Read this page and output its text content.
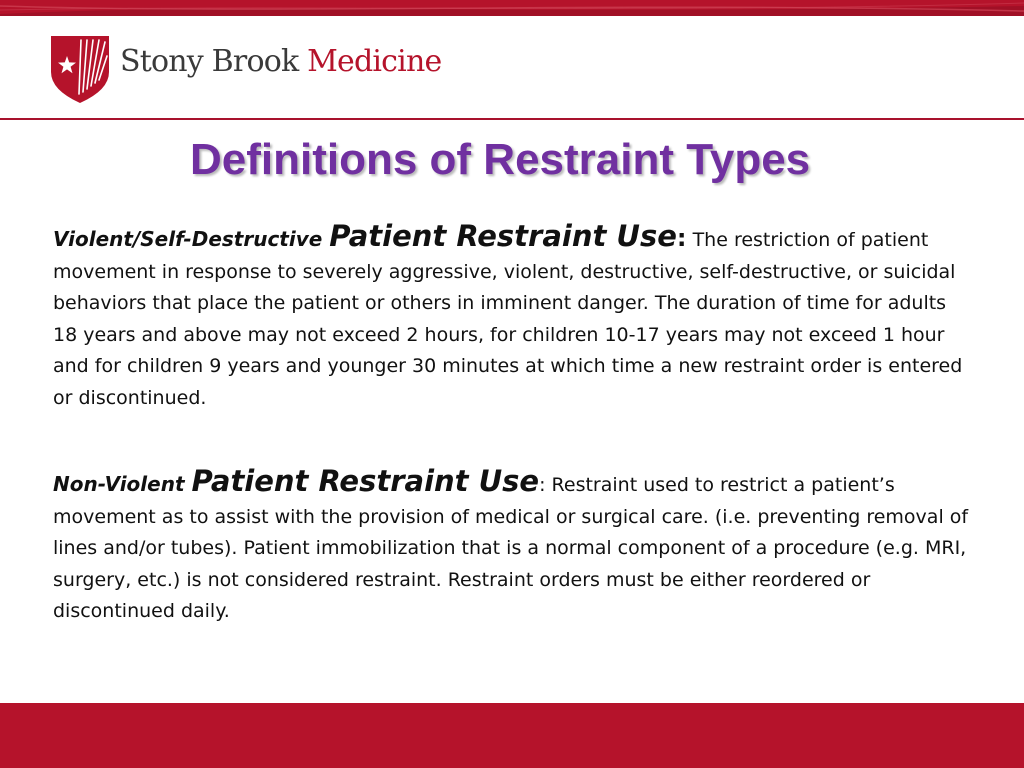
Stony Brook Medicine
Definitions of Restraint Types

Violent/Self-Destructive Patient Restraint Use: The restriction of patient movement in response to severely aggressive, violent, destructive, self-destructive, or suicidal behaviors that place the patient or others in imminent danger. The duration of time for adults 18 years and above may not exceed 2 hours, for children 10-17 years may not exceed 1 hour and for children 9 years and younger 30 minutes at which time a new restraint order is entered or discontinued.

Non-Violent Patient Restraint Use: Restraint used to restrict a patient’s movement as to assist with the provision of medical or surgical care. (i.e. preventing removal of lines and/or tubes). Patient immobilization that is a normal component of a procedure (e.g. MRI, surgery, etc.) is not considered restraint. Restraint orders must be either reordered or discontinued daily.
